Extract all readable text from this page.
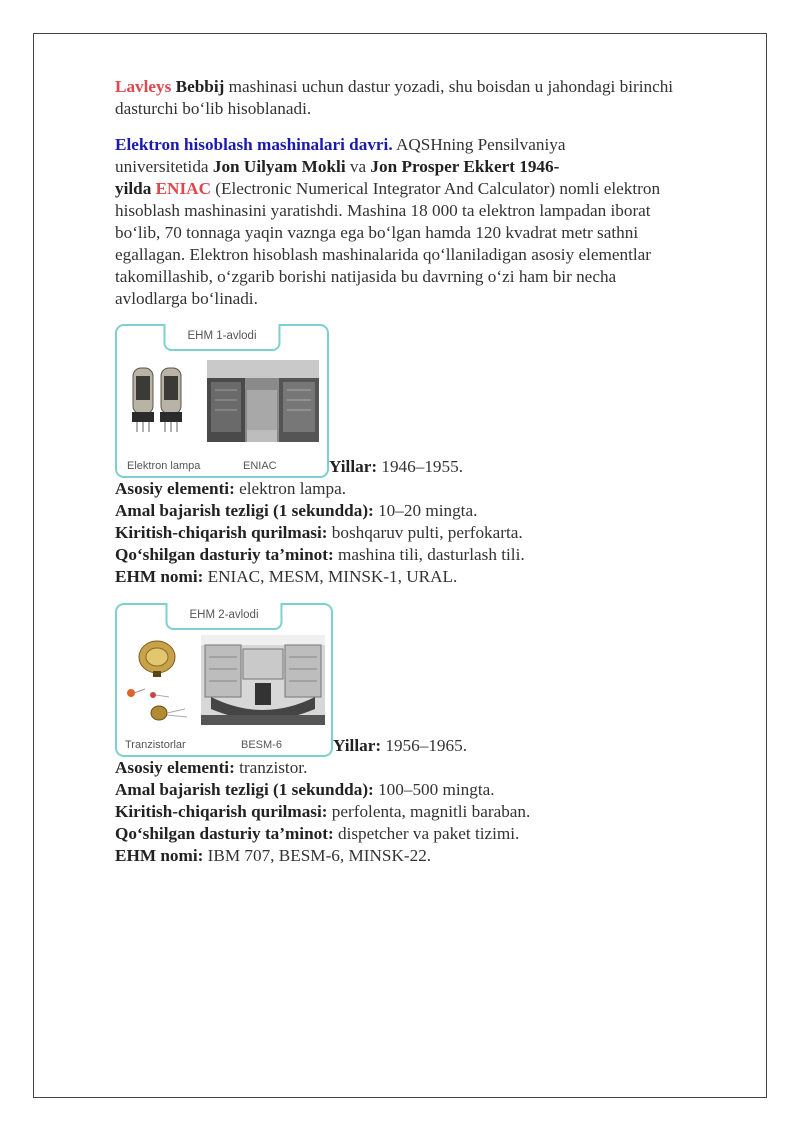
Lavleys Bebbij mashinasi uchun dastur yozadi, shu boisdan u jahondagi birinchi
dasturchi bo‘lib hisoblanadi.

Elektron hisoblash mashinalari davri. AQSHning Pensilvaniya
universitetida Jon Uilyam Mokli va Jon Prosper Ekkert 1946-
yilda ENIAC (Electronic Numerical Integrator And Calculator) nomli elektron
hisoblash mashinasini yaratishdi. Mashina 18 000 ta elektron lampadan iborat
bo‘lib, 70 tonnaga yaqin vaznga ega bo‘lgan hamda 120 kvadrat metr sathni
egallagan. Elektron hisoblash mashinalarida qo‘llaniladigan asosiy elementlar
takomillashib, o‘zgarib borishi natijasida bu davrning o‘zi ham bir necha
avlodlarga bo‘linadi.

EHM 1-avlodi
Elektron lampa	ENIAC	Yillar: 1946–1955.
Asosiy elementi: elektron lampa.
Amal bajarish tezligi (1 sekundda): 10–20 mingta.
Kiritish-chiqarish qurilmasi: boshqaruv pulti, perfokarta.
Qo‘shilgan dasturiy ta’minot: mashina tili, dasturlash tili.
EHM nomi: ENIAC, MESM, MINSK-1, URAL.
EHM 2-avlodi
Tranzistorlar	BESM-6	Yillar: 1956–1965.
Asosiy elementi: tranzistor.
Amal bajarish tezligi (1 sekundda): 100–500 mingta.
Kiritish-chiqarish qurilmasi: perfolenta, magnitli baraban.
Qo‘shilgan dasturiy ta’minot: dispetcher va paket tizimi.
EHM nomi: IBM 707, BESM-6, MINSK-22.
